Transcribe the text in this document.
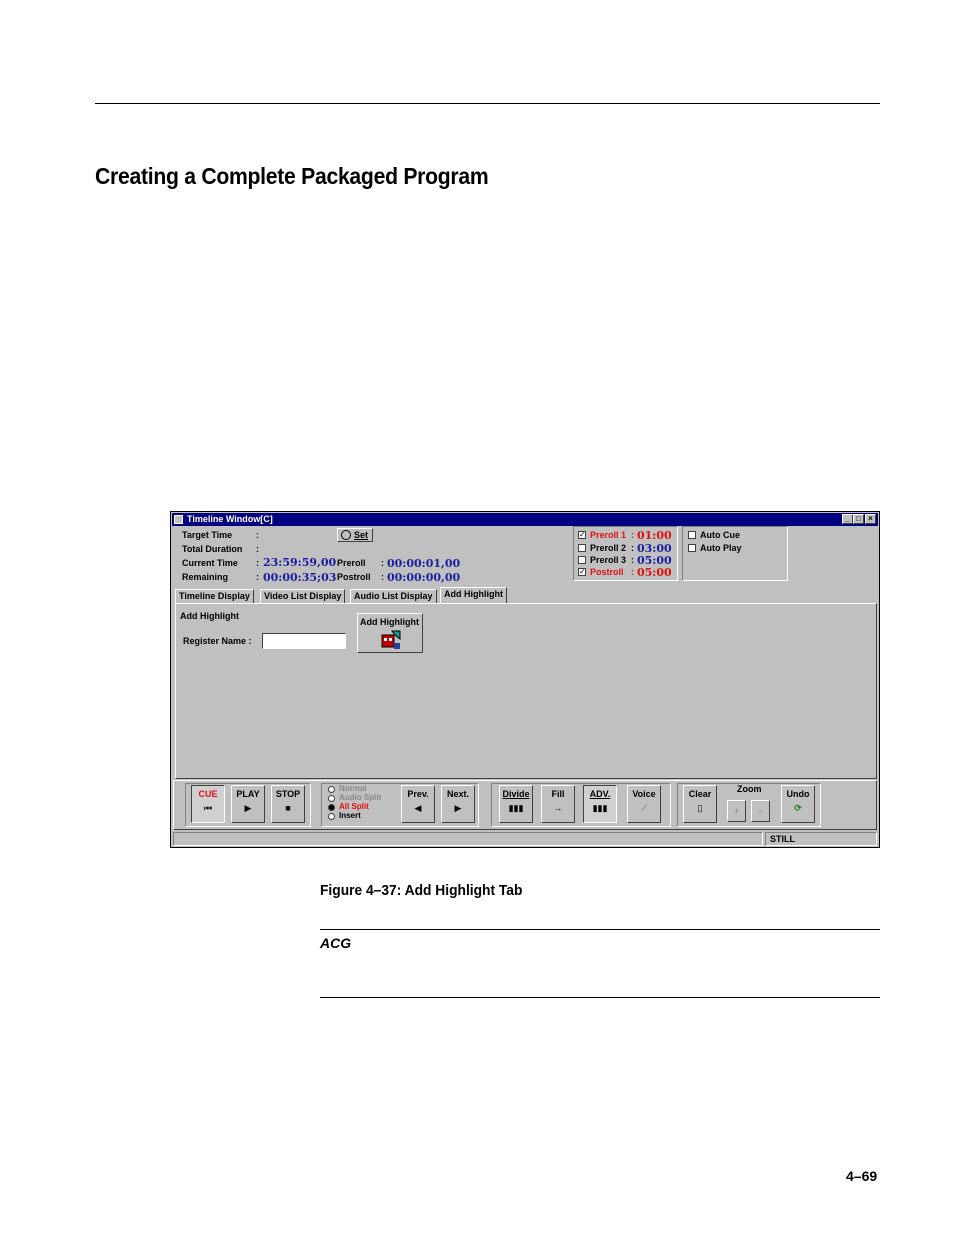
Creating a Complete Packaged Program
Timeline Window[C]	_ □ ×
Target Time	:
Total Duration :
Current Time : 23:59:59,00
Remaining	: 00:00:35;03
Preroll : 00:00:01,00
Postroll : 00:00:00,00
Set	✓ Preroll 1 : 01:00
Preroll 2 : 03:00
Preroll 3 : 05:00
✓ Postroll : 05:00
Auto Cue
Auto Play
Timeline Display	Video List Display	Audio List Display	Add Highlight
Add Highlight
Register Name :
Add Highlight
CUE
⏮
PLAY
▶
STOP
■
Normal
Audio Split
All Split
Insert
Prev.
◀
Next.
▶
Divide
▮▮▮
Fill
→
ADV.
▮▮▮
Voice
⟋
Clear
▯
Zoom
+	−
Undo
⟳
STILL
Figure 4–37: Add Highlight Tab
ACG
4–69
